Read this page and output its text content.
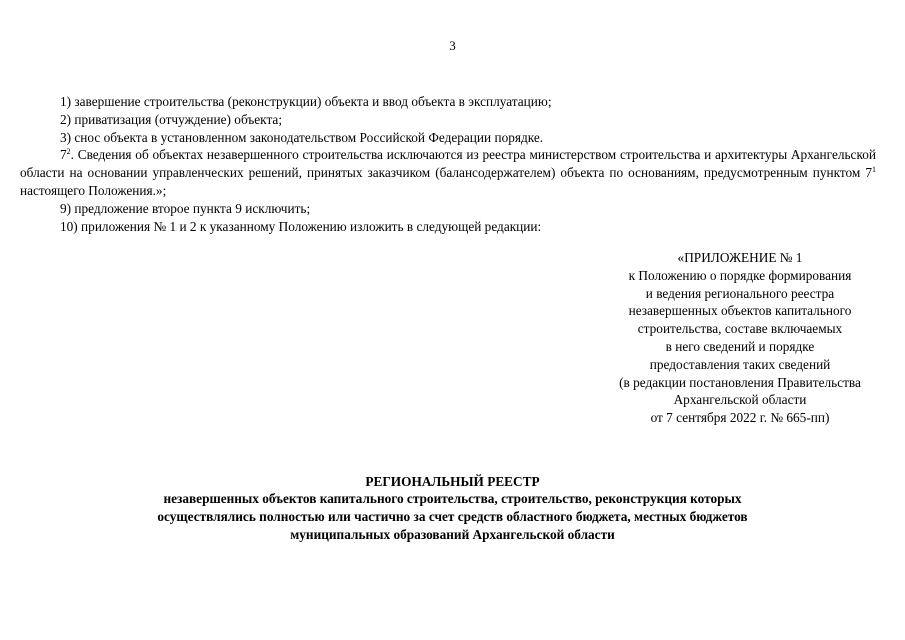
3

1) завершение строительства (реконструкции) объекта и ввод объекта в эксплуатацию;

2) приватизация (отчуждение) объекта;

3) снос объекта в установленном законодательством Российской Федерации порядке.

$7^2$. Сведения об объектах незавершенного строительства исключаются из реестра министерством строительства и архитектуры Архангельской области на основании управленческих решений, принятых заказчиком (балансодержателем) объекта по основаниям, предусмотренным пунктом $7^1$ настоящего Положения.»;

9) предложение второе пункта 9 исключить;

10) приложения № 1 и 2 к указанному Положению изложить в следующей редакции:

«ПРИЛОЖЕНИЕ № 1
к Положению о порядке формирования
и ведения регионального реестра
незавершенных объектов капитального
строительства, составе включаемых
в него сведений и порядке
предоставления таких сведений
(в редакции постановления Правительства
Архангельской области
от 7 сентября 2022 г. № 665-пп)
РЕГИОНАЛЬНЫЙ РЕЕСТР
незавершенных объектов капитального строительства, строительство, реконструкция которых
осуществлялись полностью или частично за счет средств областного бюджета, местных бюджетов
муниципальных образований Архангельской области
